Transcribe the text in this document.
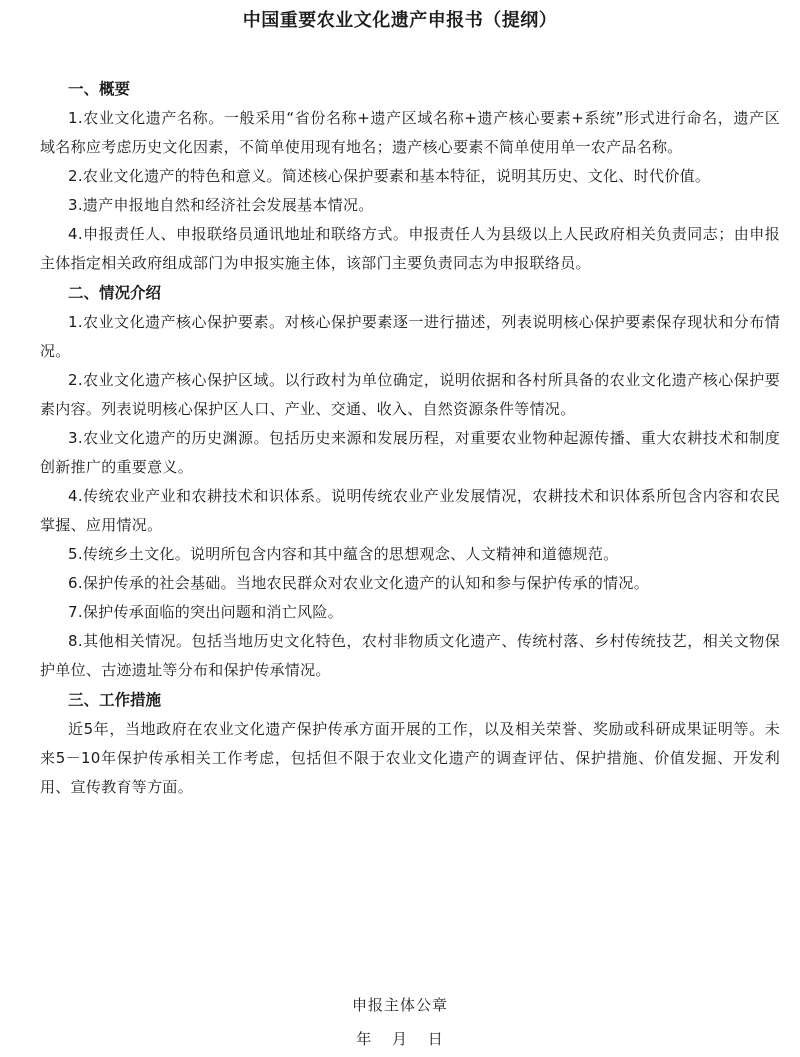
中国重要农业文化遗产申报书（提纲）

一、概要

1.农业文化遗产名称。一般采用“省份名称+遗产区域名称+遗产核心要素+系统”形式进行命名，遗产区域名称应考虑历史文化因素，不简单使用现有地名；遗产核心要素不简单使用单一农产品名称。

2.农业文化遗产的特色和意义。简述核心保护要素和基本特征，说明其历史、文化、时代价值。

3.遗产申报地自然和经济社会发展基本情况。

4.申报责任人、申报联络员通讯地址和联络方式。申报责任人为县级以上人民政府相关负责同志；由申报主体指定相关政府组成部门为申报实施主体，该部门主要负责同志为申报联络员。

二、情况介绍

1.农业文化遗产核心保护要素。对核心保护要素逐一进行描述，列表说明核心保护要素保存现状和分布情况。

2.农业文化遗产核心保护区域。以行政村为单位确定，说明依据和各村所具备的农业文化遗产核心保护要素内容。列表说明核心保护区人口、产业、交通、收入、自然资源条件等情况。

3.农业文化遗产的历史渊源。包括历史来源和发展历程，对重要农业物种起源传播、重大农耕技术和制度创新推广的重要意义。

4.传统农业产业和农耕技术和识体系。说明传统农业产业发展情况，农耕技术和识体系所包含内容和农民掌握、应用情况。

5.传统乡土文化。说明所包含内容和其中蕴含的思想观念、人文精神和道德规范。

6.保护传承的社会基础。当地农民群众对农业文化遗产的认知和参与保护传承的情况。

7.保护传承面临的突出问题和消亡风险。

8.其他相关情况。包括当地历史文化特色，农村非物质文化遗产、传统村落、乡村传统技艺，相关文物保护单位、古迹遗址等分布和保护传承情况。

三、工作措施

近5年，当地政府在农业文化遗产保护传承方面开展的工作，以及相关荣誉、奖励或科研成果证明等。未来5－10年保护传承相关工作考虑，包括但不限于农业文化遗产的调查评估、保护措施、价值发掘、开发利用、宣传教育等方面。

申报主体公章
年 月 日
